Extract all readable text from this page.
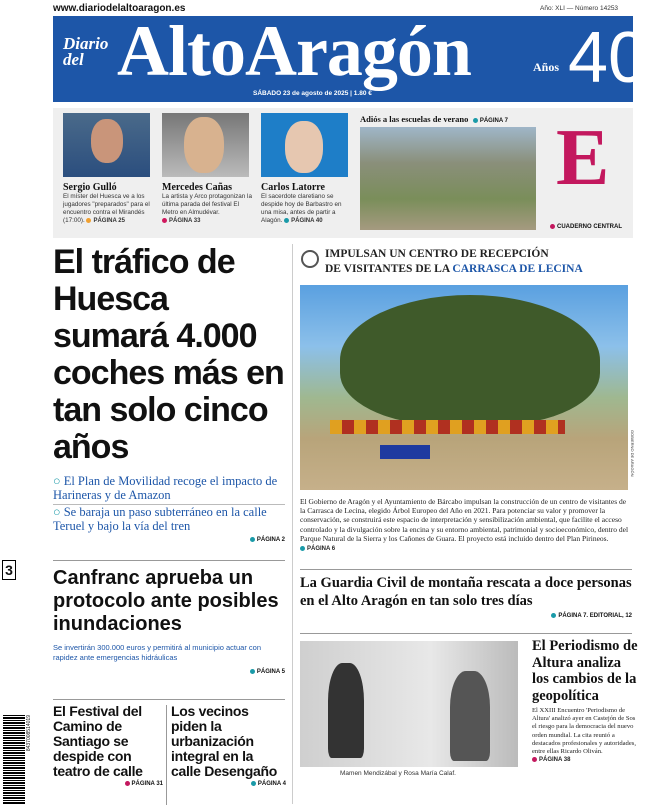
www.diariodelaltoaragon.es	Año: XLI — Número 14253
Diario del AltoAragón	Años 40
SÁBADO 23 de agosto de 2025 | 1.80 €
Sergio Gulló
El míster del Huesca ve a los jugadores "preparados" para el encuentro contra el Mirandés (17:00). PÁGINA 25
Mercedes Cañas
La artista y Arco protagonizan la última parada del festival El Metro en Almudévar. PÁGINA 33
Carlos Latorre
El sacerdote claretiano se despide hoy de Barbastro en una misa, antes de partir a Alagón. PÁGINA 40
Adiós a las escuelas de verano PÁGINA 7 E
CUADERNO CENTRAL
3
8437008514019
El tráfico de Huesca sumará 4.000 coches más en tan solo cinco años
○ El Plan de Movilidad recoge el impacto de Harineras y de Amazon
○ Se baraja un paso subterráneo en la calle Teruel y bajo la vía del tren
PÁGINA 2
Canfranc aprueba un protocolo ante posibles inundaciones
Se invertirán 300.000 euros y permitirá al municipio actuar con rapidez ante emergencias hidráulicas
PÁGINA 5
El Festival del Camino de Santiago se despide con teatro de calle
PÁGINA 31
Los vecinos piden la urbanización integral en la calle Desengaño
PÁGINA 4
IMPULSAN UN CENTRO DE RECEPCIÓN
DE VISITANTES DE LA CARRASCA DE LECINA
GOBIERNO DE ARAGÓN
El Gobierno de Aragón y el Ayuntamiento de Bárcabo impulsan la construcción de un centro de visitantes de la Carrasca de Lecina, elegido Árbol Europeo del Año en 2021. Para potenciar su valor y promover la conservación, se construirá este espacio de interpretación y sensibilización ambiental, que facilite el acceso controlado y la divulgación sobre la encina y su entorno ambiental, patrimonial y socioeconómico, dentro del Parque Natural de la Sierra y los Cañones de Guara. El proyecto está incluido dentro del Plan Pirineos. PÁGINA 6
La Guardia Civil de montaña rescata a doce personas en el Alto Aragón en tan solo tres días
PÁGINA 7. EDITORIAL, 12
Mamen Mendizábal y Rosa María Calaf.
El Periodismo de Altura analiza los cambios de la geopolítica
El XXIII Encuentro 'Periodismo de Altura' analizó ayer en Castejón de Sos el riesgo para la democracia del nuevo orden mundial. La cita reunió a destacados profesionales y autoridades, entre ellas Ricardo Oliván. PÁGINA 38
